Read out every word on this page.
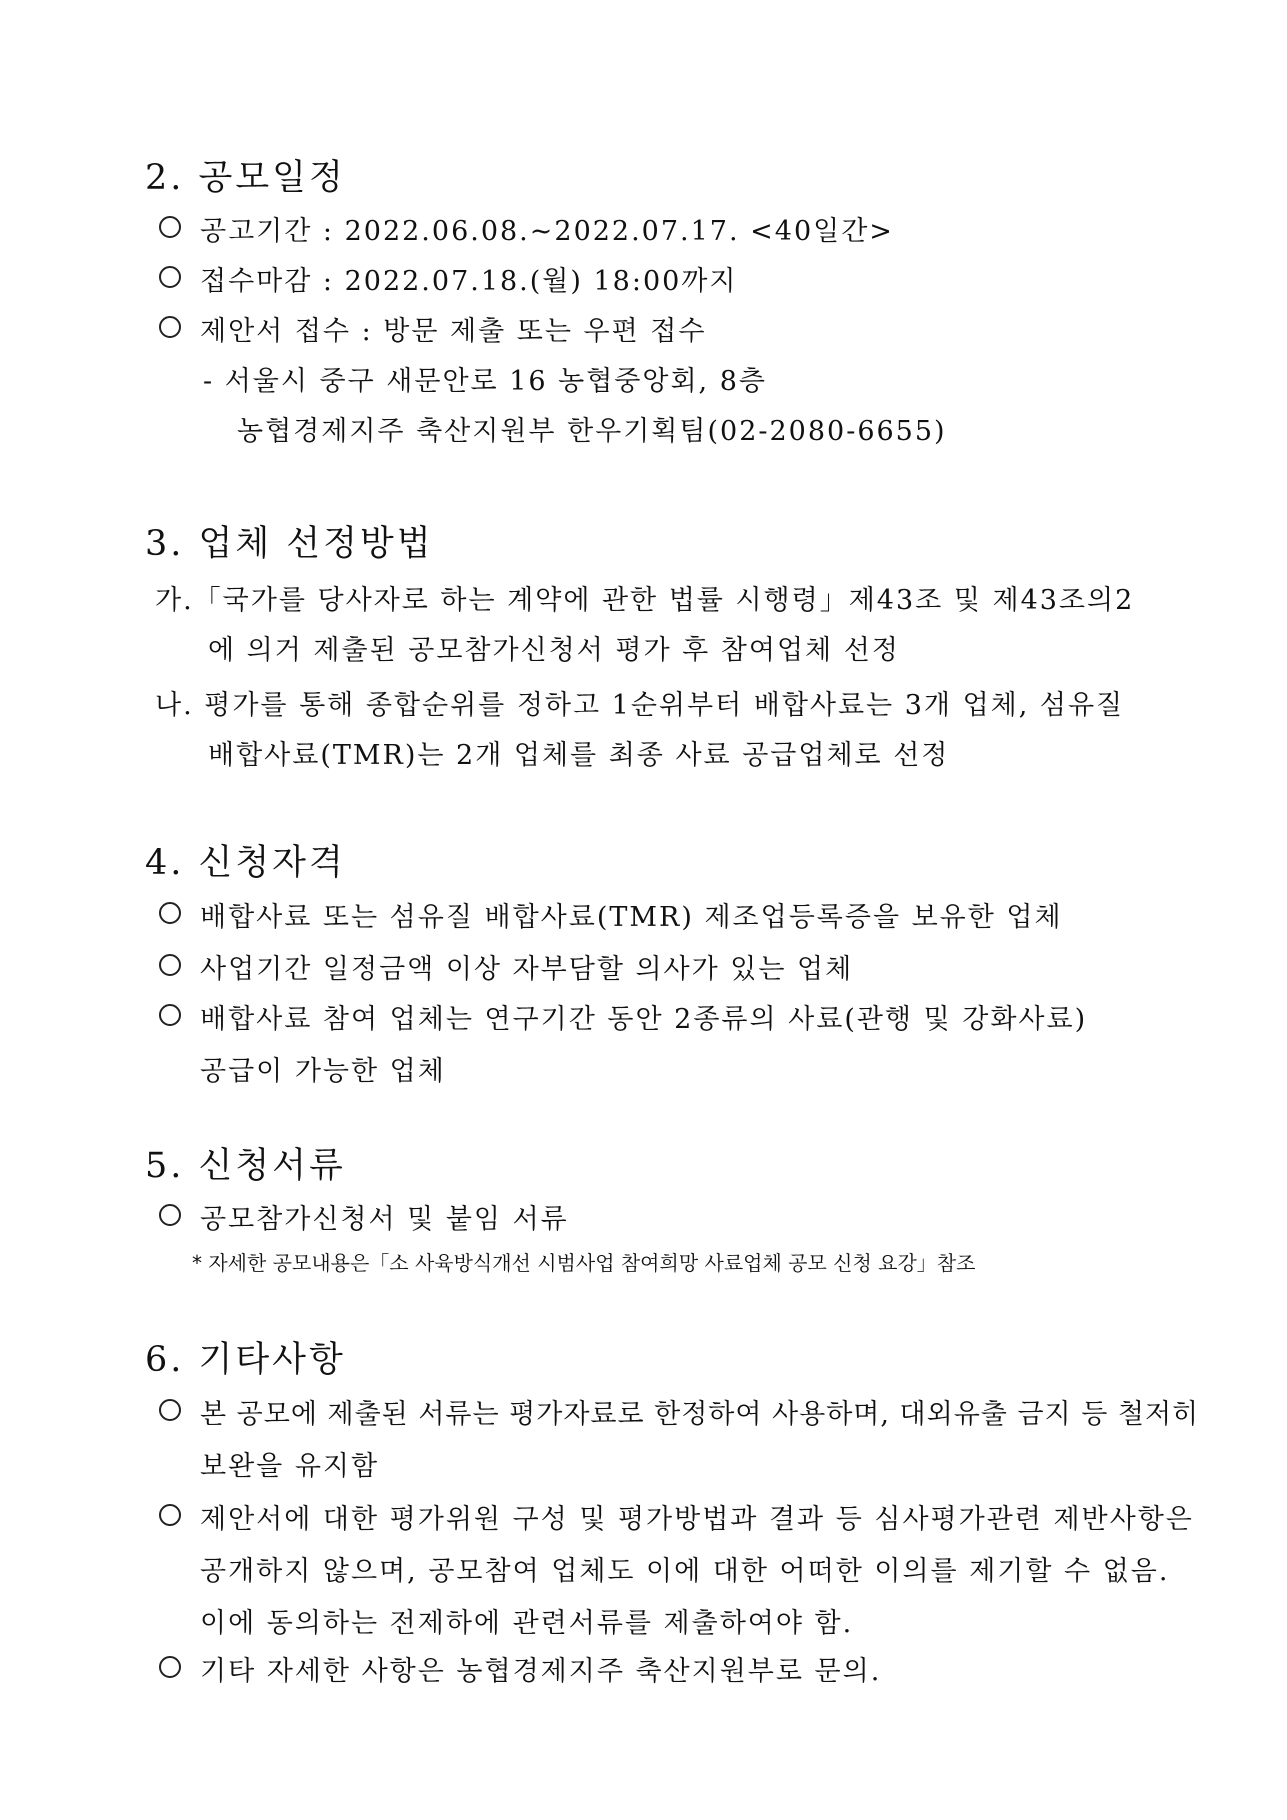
2. 공모일정
공고기간 : 2022.06.08.~2022.07.17. <40일간>
접수마감 : 2022.07.18.(월) 18:00까지
제안서 접수 : 방문 제출 또는 우편 접수
- 서울시 중구 새문안로 16 농협중앙회, 8층
농협경제지주 축산지원부 한우기획팀(02-2080-6655)
3. 업체 선정방법
가.「국가를 당사자로 하는 계약에 관한 법률 시행령」제43조 및 제43조의2
에 의거 제출된 공모참가신청서 평가 후 참여업체 선정
나. 평가를 통해 종합순위를 정하고 1순위부터 배합사료는 3개 업체, 섬유질
배합사료(TMR)는 2개 업체를 최종 사료 공급업체로 선정
4. 신청자격
배합사료 또는 섬유질 배합사료(TMR) 제조업등록증을 보유한 업체
사업기간 일정금액 이상 자부담할 의사가 있는 업체
배합사료 참여 업체는 연구기간 동안 2종류의 사료(관행 및 강화사료)
공급이 가능한 업체
5. 신청서류
공모참가신청서 및 붙임 서류
* 자세한 공모내용은「소 사육방식개선 시범사업 참여희망 사료업체 공모 신청 요강」참조
6. 기타사항
본 공모에 제출된 서류는 평가자료로 한정하여 사용하며, 대외유출 금지 등 철저히
보완을 유지함
제안서에 대한 평가위원 구성 및 평가방법과 결과 등 심사평가관련 제반사항은
공개하지 않으며, 공모참여 업체도 이에 대한 어떠한 이의를 제기할 수 없음.
이에 동의하는 전제하에 관련서류를 제출하여야 함.
기타 자세한 사항은 농협경제지주 축산지원부로 문의.
